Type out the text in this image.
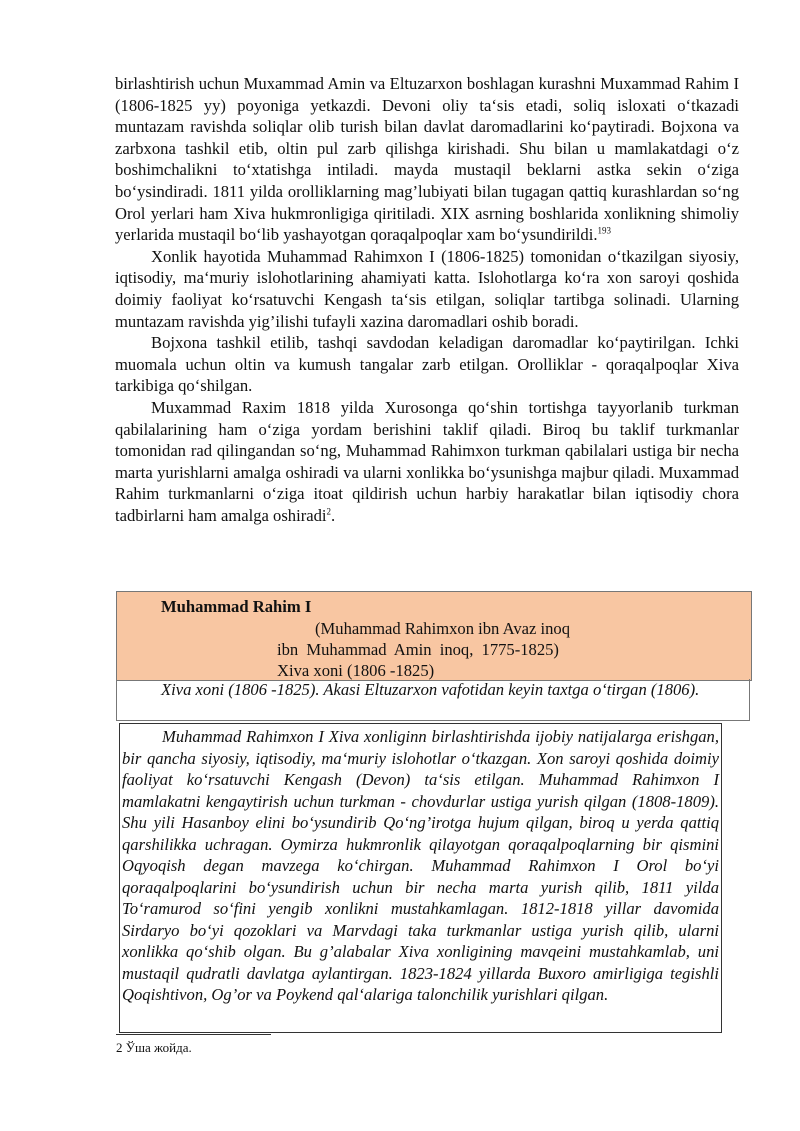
birlashtirish uchun Muxammad Amin va Eltuzarxon boshlagan kurashni Muxammad Rahim I (1806-1825 yy) poyoniga yetkazdi. Devoni oliy ta‘sis etadi, soliq isloxati o‘tkazadi muntazam ravishda soliqlar olib turish bilan davlat daromadlarini ko‘paytiradi. Bojxona va zarbxona tashkil etib, oltin pul zarb qilishga kirishadi. Shu bilan u mamlakatdagi o‘z boshimchalikni to‘xtatishga intiladi. mayda mustaqil beklarni astka sekin o‘ziga bo‘ysindiradi. 1811 yilda orolliklarning mag’lubiyati bilan tugagan qattiq kurashlardan so‘ng Orol yerlari ham Xiva hukmronligiga qiritiladi. XIX asrning boshlarida xonlikning shimoliy yerlarida mustaqil bo‘lib yashayotgan qoraqalpoqlar xam bo‘ysundirildi.$^{193}$

Xonlik hayotida Muhammad Rahimxon I (1806-1825) tomonidan o‘tkazilgan siyosiy, iqtisodiy, ma‘muriy islohotlarining ahamiyati katta. Islohotlarga ko‘ra xon saroyi qoshida doimiy faoliyat ko‘rsatuvchi Kengash ta‘sis etilgan, soliqlar tartibga solinadi. Ularning muntazam ravishda yig’ilishi tufayli xazina daromadlari oshib boradi.

Bojxona tashkil etilib, tashqi savdodan keladigan daromadlar ko‘paytirilgan. Ichki muomala uchun oltin va kumush tangalar zarb etilgan. Orolliklar - qoraqalpoqlar Xiva tarkibiga qo‘shilgan.

Muxammad Raxim 1818 yilda Xurosonga qo‘shin tortishga tayyorlanib turkman qabilalarining ham o‘ziga yordam berishini taklif qiladi. Biroq bu taklif turkmanlar tomonidan rad qilingandan so‘ng, Muhammad Rahimxon turkman qabilalari ustiga bir necha marta yurishlarni amalga oshiradi va ularni xonlikka bo‘ysunishga majbur qiladi. Muxammad Rahim turkmanlarni o‘ziga itoat qildirish uchun harbiy harakatlar bilan iqtisodiy chora tadbirlarni ham amalga oshiradi$^2$.

Muhammad Rahim I
(Muhammad Rahimxon ibn Avaz inoq
ibn Muhammad Amin inoq, 1775-1825)
Xiva xoni (1806 -1825)

Xiva xoni (1806 -1825). Akasi Eltuzarxon vafotidan keyin taxtga o‘tirgan (1806).

Muhammad Rahimxon I Xiva xonliginn birlashtirishda ijobiy natijalarga erishgan, bir qancha siyosiy, iqtisodiy, ma‘muriy islohotlar o‘tkazgan. Xon saroyi qoshida doimiy faoliyat ko‘rsatuvchi Kengash (Devon) ta‘sis etilgan. Muhammad Rahimxon I mamlakatni kengaytirish uchun turkman - chovdurlar ustiga yurish qilgan (1808-1809). Shu yili Hasanboy elini bo‘ysundirib Qo‘ng’irotga hujum qilgan, biroq u yerda qattiq qarshilikka uchragan. Oymirza hukmronlik qilayotgan qoraqalpoqlarning bir qismini Oqyoqish degan mavzega ko‘chirgan. Muhammad Rahimxon I Orol bo‘yi qoraqalpoqlarini bo‘ysundirish uchun bir necha marta yurish qilib, 1811 yilda To‘ramurod so‘fini yengib xonlikni mustahkamlagan. 1812-1818 yillar davomida Sirdaryo bo‘yi qozoklari va Marvdagi taka turkmanlar ustiga yurish qilib, ularni xonlikka qo‘shib olgan. Bu g’alabalar Xiva xonligining mavqeini mustahkamlab, uni mustaqil qudratli davlatga aylantirgan. 1823-1824 yillarda Buxoro amirligiga tegishli Qoqishtivon, Og’or va Poykend qal‘alariga talonchilik yurishlari qilgan.

2 Ўша жойда.
